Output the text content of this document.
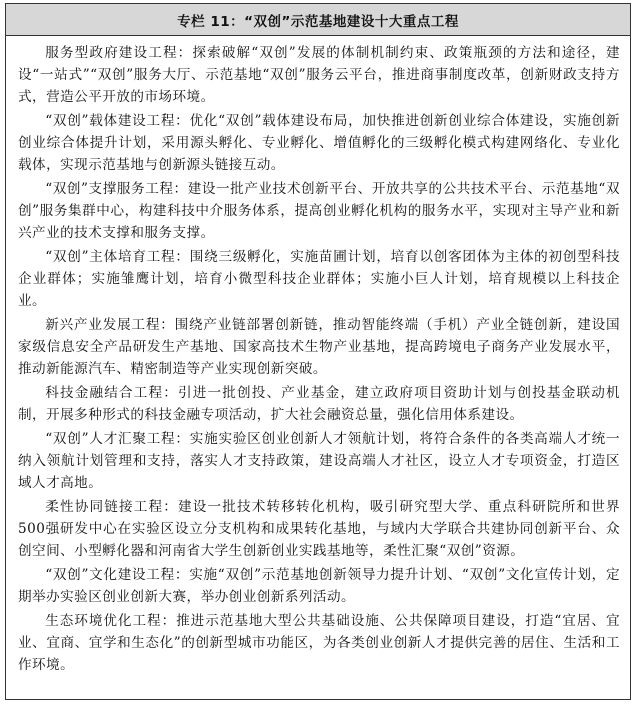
专栏 11：“双创”示范基地建设十大重点工程

服务型政府建设工程：探索破解“双创”发展的体制机制约束、政策瓶颈的方法和途径，建设“一站式”“双创”服务大厅、示范基地“双创”服务云平台，推进商事制度改革，创新财政支持方式，营造公平开放的市场环境。

“双创”载体建设工程：优化“双创”载体建设布局，加快推进创新创业综合体建设，实施创新创业综合体提升计划，采用源头孵化、专业孵化、增值孵化的三级孵化模式构建网络化、专业化载体，实现示范基地与创新源头链接互动。

“双创”支撑服务工程：建设一批产业技术创新平台、开放共享的公共技术平台、示范基地“双创”服务集群中心，构建科技中介服务体系，提高创业孵化机构的服务水平，实现对主导产业和新兴产业的技术支撑和服务支撑。

“双创”主体培育工程：围绕三级孵化，实施苗圃计划，培育以创客团体为主体的初创型科技企业群体；实施雏鹰计划，培育小微型科技企业群体；实施小巨人计划，培育规模以上科技企业。

新兴产业发展工程：围绕产业链部署创新链，推动智能终端（手机）产业全链创新，建设国家级信息安全产品研发生产基地、国家高技术生物产业基地，提高跨境电子商务产业发展水平，推动新能源汽车、精密制造等产业实现创新突破。

科技金融结合工程：引进一批创投、产业基金，建立政府项目资助计划与创投基金联动机制，开展多种形式的科技金融专项活动，扩大社会融资总量，强化信用体系建设。

“双创”人才汇聚工程：实施实验区创业创新人才领航计划，将符合条件的各类高端人才统一纳入领航计划管理和支持，落实人才支持政策，建设高端人才社区，设立人才专项资金，打造区域人才高地。

柔性协同链接工程：建设一批技术转移转化机构，吸引研究型大学、重点科研院所和世界500强研发中心在实验区设立分支机构和成果转化基地，与域内大学联合共建协同创新平台、众创空间、小型孵化器和河南省大学生创新创业实践基地等，柔性汇聚“双创”资源。

“双创”文化建设工程：实施“双创”示范基地创新领导力提升计划、“双创”文化宣传计划，定期举办实验区创业创新大赛，举办创业创新系列活动。

生态环境优化工程：推进示范基地大型公共基础设施、公共保障项目建设，打造“宜居、宜业、宜商、宜学和生态化”的创新型城市功能区，为各类创业创新人才提供完善的居住、生活和工作环境。
